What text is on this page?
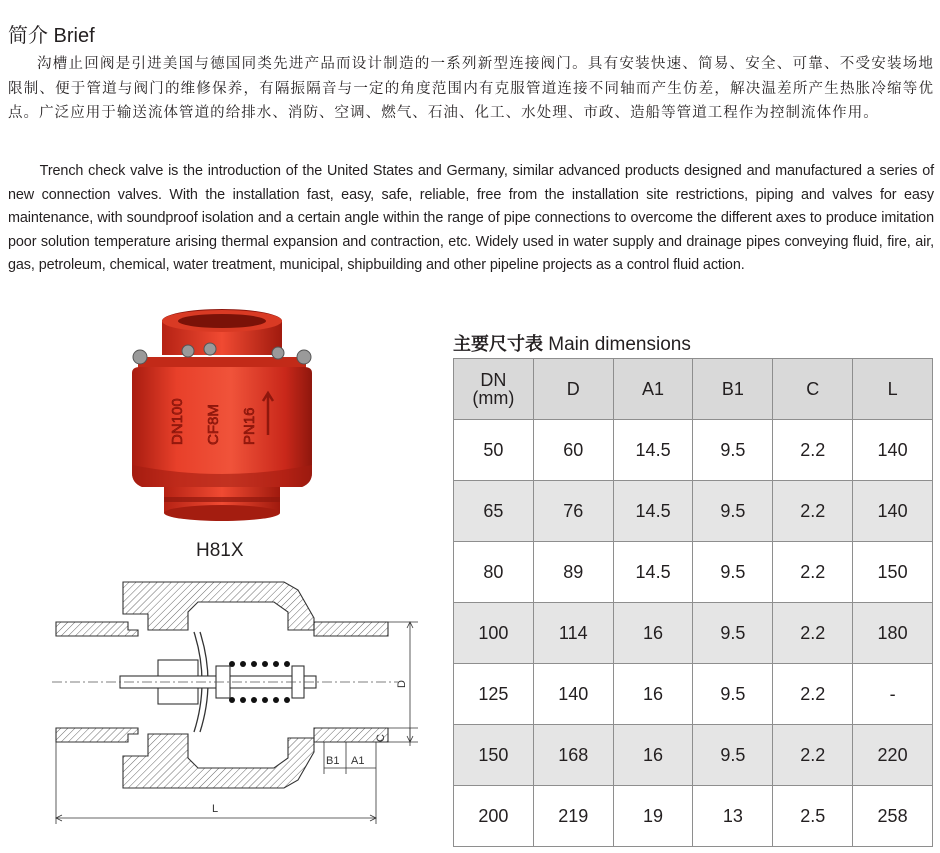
简介 Brief

沟槽止回阀是引进美国与德国同类先进产品而设计制造的一系列新型连接阀门。具有安装快速、简易、安全、可靠、不受安装场地限制、便于管道与阀门的维修保养，有隔振隔音与一定的角度范围内有克服管道连接不同轴而产生仿差，解决温差所产生热胀冷缩等优点。广泛应用于输送流体管道的给排水、消防、空调、燃气、石油、化工、水处理、市政、造船等管道工程作为控制流体作用。

Trench check valve is the introduction of the United States and Germany, similar advanced products designed and manufactured a series of new connection valves. With the installation fast, easy, safe, reliable, free from the installation site restrictions, piping and valves for easy maintenance, with soundproof isolation and a certain angle within the range of pipe connections to overcome the different axes to produce imitation poor solution temperature arising thermal expansion and contraction, etc. Widely used in water supply and drainage pipes conveying fluid, fire, air, gas, petroleum, chemical, water treatment, municipal, shipbuilding and other pipeline projects as a control fluid action.

DN100 CF8M PN16
H81X
D
C
B1 A1
L
主要尺寸表 Main dimensions
DN
(mm)	D	A1	B1	C	L
50	60	14.5	9.5	2.2	140
65	76	14.5	9.5	2.2	140
80	89	14.5	9.5	2.2	150
100	114	16	9.5	2.2	180
125	140	16	9.5	2.2	-
150	168	16	9.5	2.2	220
200	219	19	13	2.5	258
